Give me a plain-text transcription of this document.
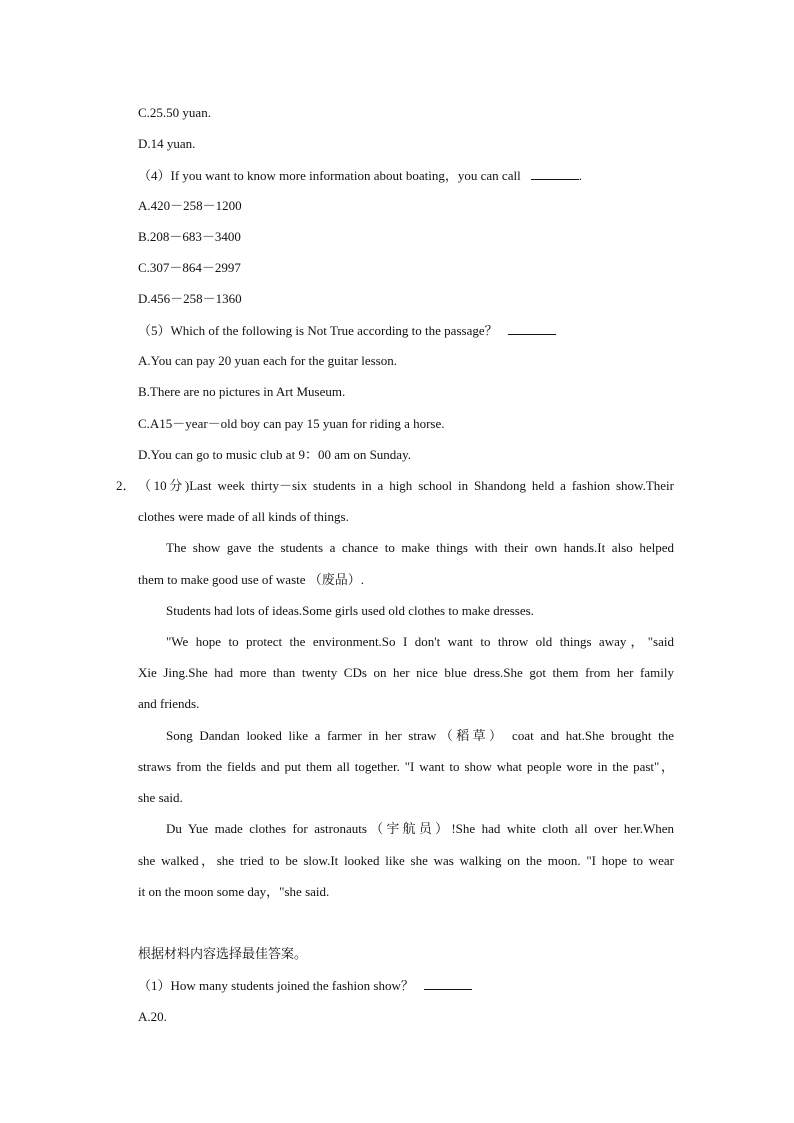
C.25.50 yuan.
D.14 yuan.
（4）If you want to know more information about boating，you can call	.
A.420－258－1200
B.208－683－3400
C.307－864－2997
D.456－258－1360
（5）Which of the following is Not True according to the passage？
A.You can pay 20 yuan each for the guitar lesson.
B.There are no pictures in Art Museum.
C.A15－year－old boy can pay 15 yuan for riding a horse.
D.You can go to music club at 9：00 am on Sunday.
2． （10分)Last week thirty－six students in a high school in Shandong held a fashion show.Their
clothes were made of all kinds of things.
The show gave the students a chance to make things with their own hands.It also helped
them to make good use of waste （废品）.
Students had lots of ideas.Some girls used old clothes to make dresses.
"We hope to protect the environment.So I don't want to throw old things away，"said
Xie Jing.She had more than twenty CDs on her nice blue dress.She got them from her family
and friends.
Song Dandan looked like a farmer in her straw（稻草） coat and hat.She brought the
straws from the fields and put them all together. "I want to show what people wore in the past"，
she said.
Du Yue made clothes for astronauts（宇航员）!She had white cloth all over her.When
she walked，she tried to be slow.It looked like she was walking on the moon. "I hope to wear
it on the moon some day，"she said.
根据材料内容选择最佳答案。
（1）How many students joined the fashion show？
A.20.
